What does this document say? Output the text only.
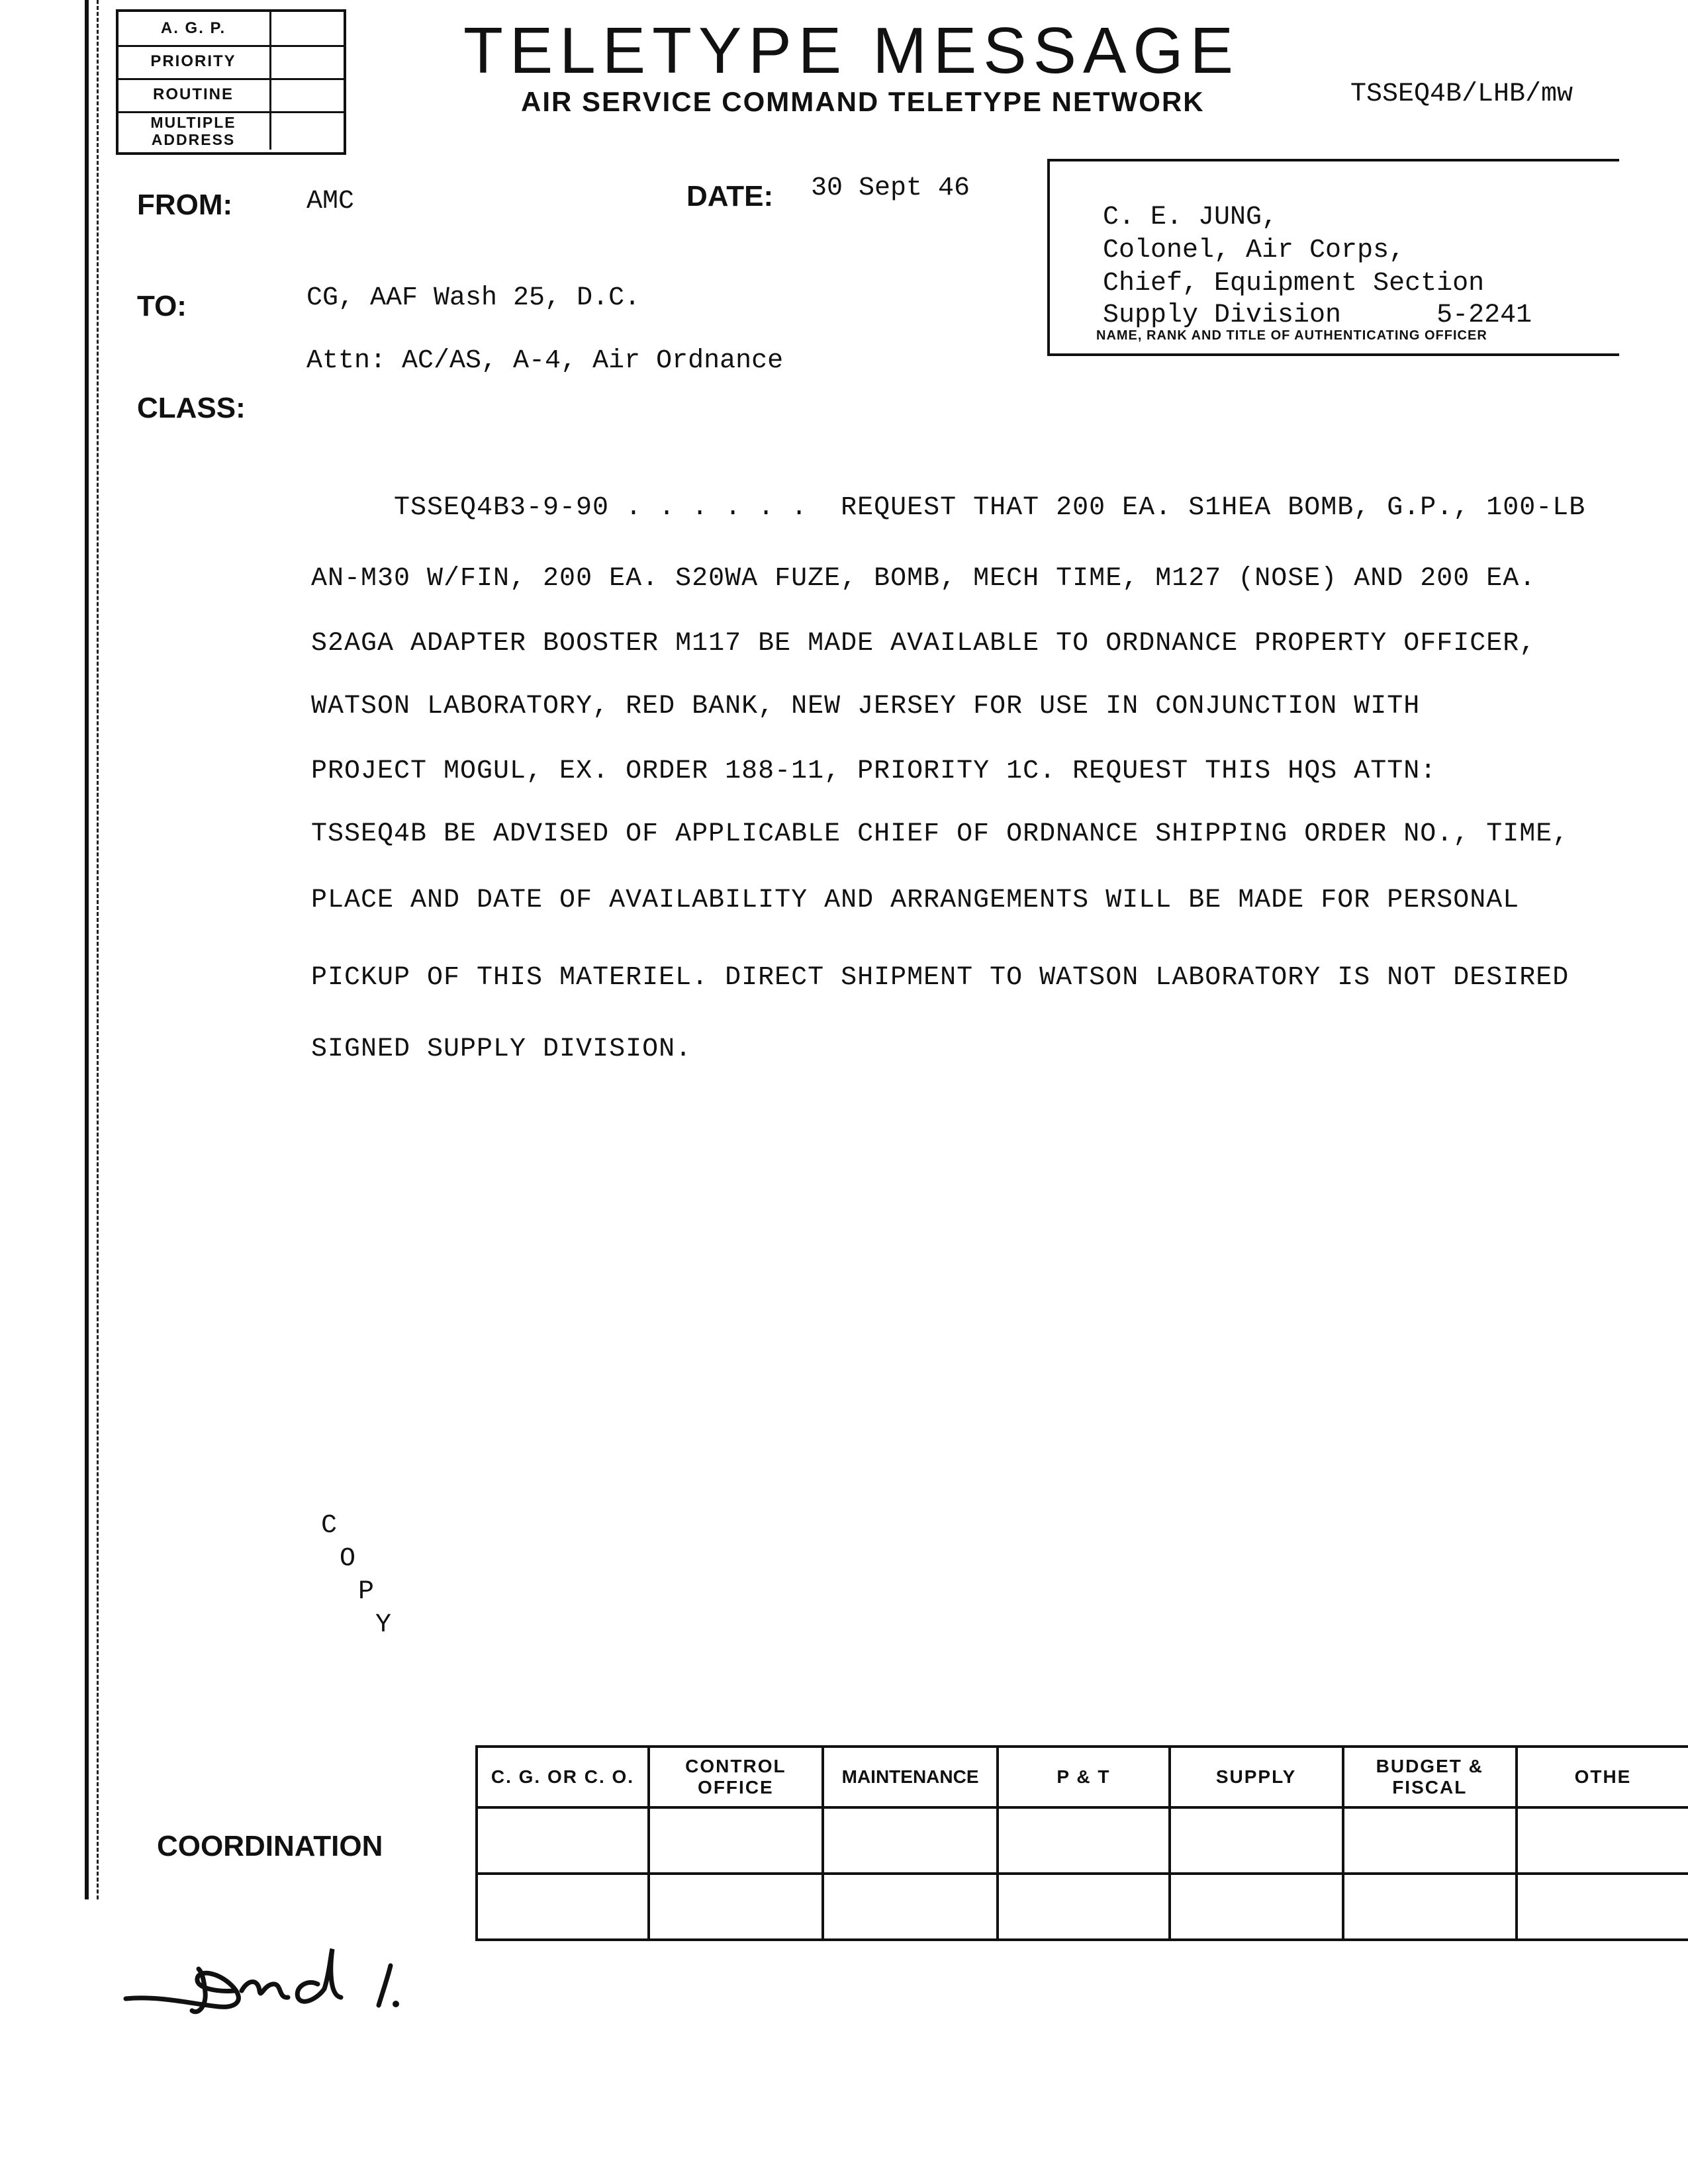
A. G. P.
PRIORITY
ROUTINE
MULTIPLE ADDRESS
TELETYPE MESSAGE
AIR SERVICE COMMAND TELETYPE NETWORK	TSSEQ4B/LHB/mw
FROM:	AMC	DATE: 30 Sept 46
TO:	CG, AAF Wash 25, D.C.
Attn: AC/AS, A-4, Air Ordnance
CLASS:
C. E. JUNG,
Colonel, Air Corps,
Chief, Equipment Section
Supply Division      5-2241
NAME, RANK AND TITLE OF AUTHENTICATING OFFICER
TSSEQ4B3-9-90 . . . . . .  REQUEST THAT 200 EA. S1HEA BOMB, G.P., 100-LB
AN-M30 W/FIN, 200 EA. S20WA FUZE, BOMB, MECH TIME, M127 (NOSE) AND 200 EA.
S2AGA ADAPTER BOOSTER M117 BE MADE AVAILABLE TO ORDNANCE PROPERTY OFFICER,
WATSON LABORATORY, RED BANK, NEW JERSEY FOR USE IN CONJUNCTION WITH
PROJECT MOGUL, EX. ORDER 188-11, PRIORITY 1C. REQUEST THIS HQS ATTN:
TSSEQ4B BE ADVISED OF APPLICABLE CHIEF OF ORDNANCE SHIPPING ORDER NO., TIME,
PLACE AND DATE OF AVAILABILITY AND ARRANGEMENTS WILL BE MADE FOR PERSONAL
PICKUP OF THIS MATERIEL. DIRECT SHIPMENT TO WATSON LABORATORY IS NOT DESIRED
SIGNED SUPPLY DIVISION.
C
O
P
Y
COORDINATION
C. G. OR C. O.	CONTROL OFFICE	MAINTENANCE	P & T	SUPPLY	BUDGET & FISCAL	OTHE
